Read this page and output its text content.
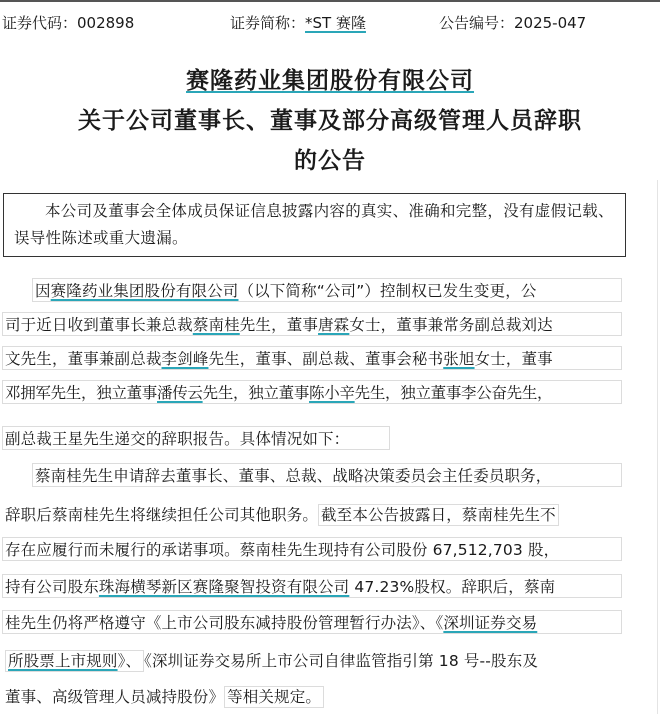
证券代码：002898	证券简称：*ST 赛隆	公告编号：2025-047
赛隆药业集团股份有限公司
关于公司董事长、董事及部分高级管理人员辞职
的公告

本公司及董事会全体成员保证信息披露内容的真实、准确和完整，没有虚假记载、误导性陈述或重大遗漏。

因赛隆药业集团股份有限公司（以下简称“公司”）控制权已发生变更，公
司于近日收到董事长兼总裁蔡南桂先生，董事唐霖女士，董事兼常务副总裁刘达
文先生，董事兼副总裁李剑峰先生，董事、副总裁、董事会秘书张旭女士，董事
邓拥军先生，独立董事潘传云先生，独立董事陈小辛先生，独立董事李公奋先生，
副总裁王星先生递交的辞职报告。具体情况如下：
蔡南桂先生申请辞去董事长、董事、总裁、战略决策委员会主任委员职务，
辞职后蔡南桂先生将继续担任公司其他职务。 截至本公告披露日，蔡南桂先生不
存在应履行而未履行的承诺事项。蔡南桂先生现持有公司股份 67,512,703 股，
持有公司股东珠海横琴新区赛隆聚智投资有限公司 47.23%股权。辞职后，蔡南
桂先生仍将严格遵守《上市公司股东减持股份管理暂行办法》、《深圳证券交易
所股票上市规则》、 《深圳证券交易所上市公司自律监管指引第 18 号--股东及
董事、高级管理人员减持股份》 等相关规定。
